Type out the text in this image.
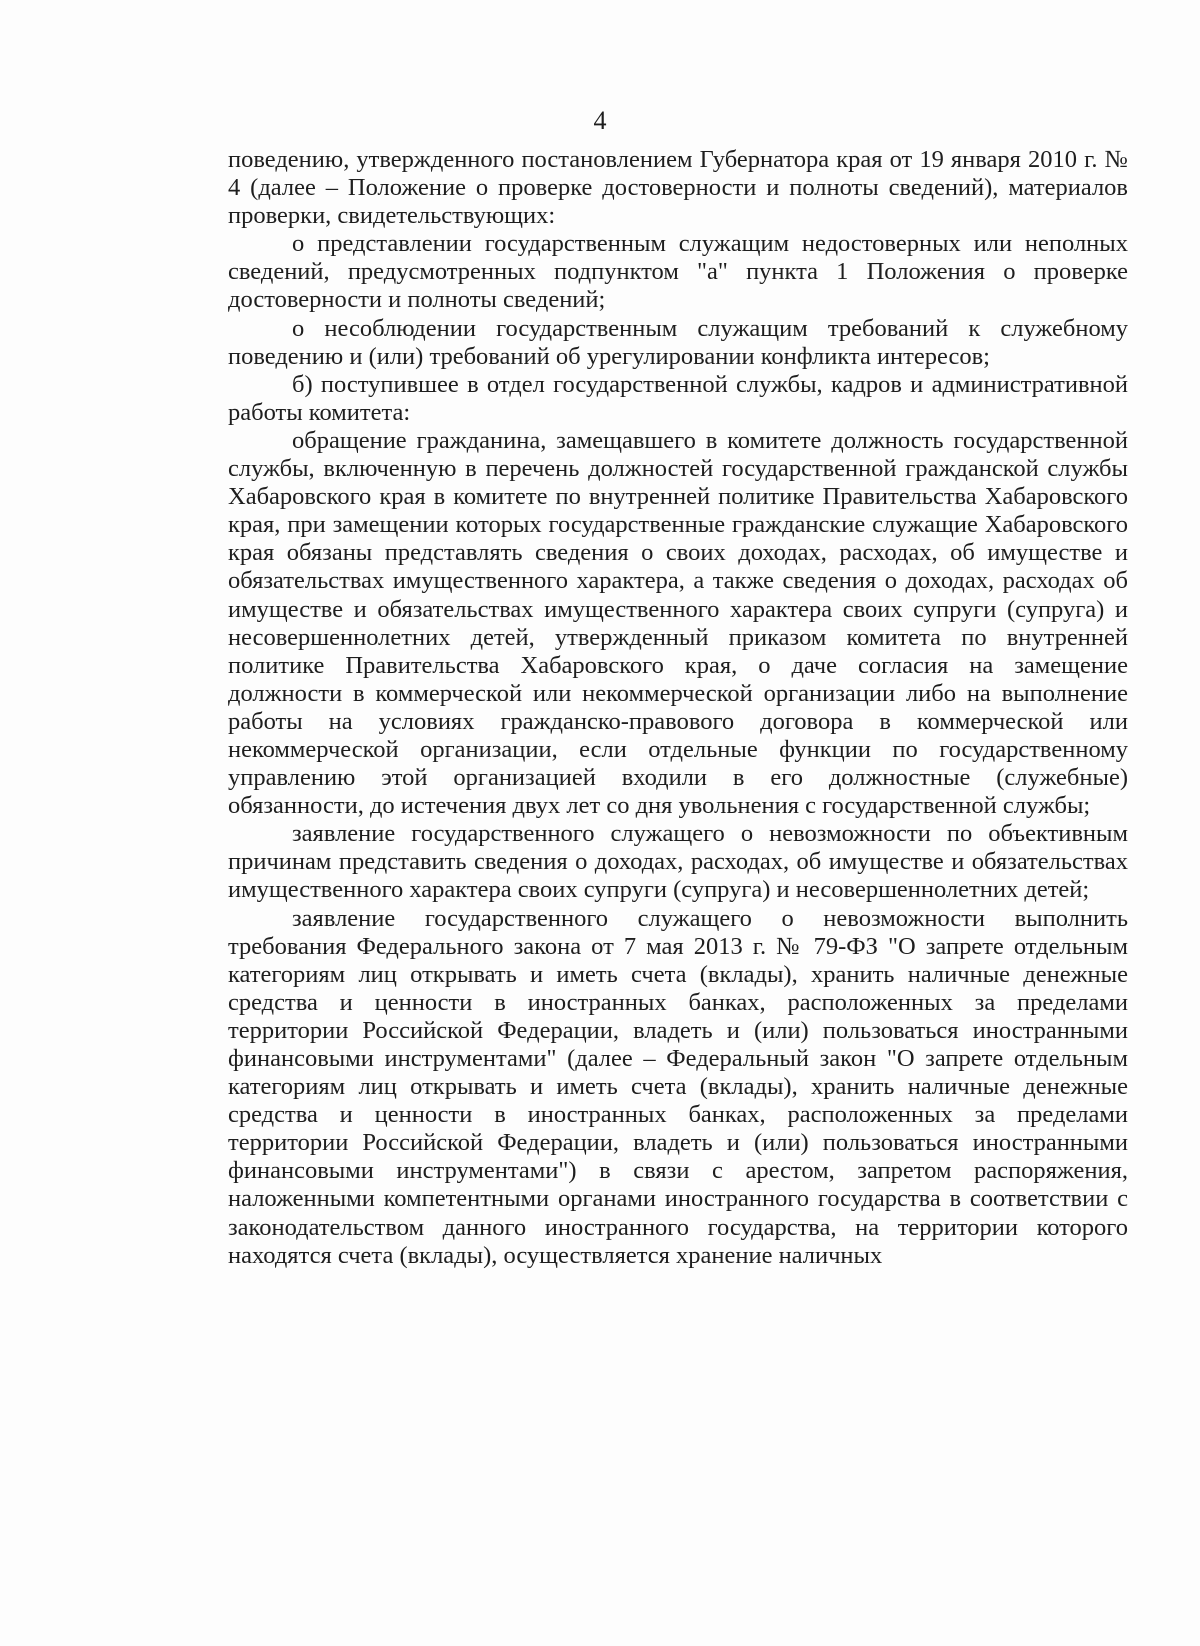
4

поведению, утвержденного постановлением Губернатора края от 19 января 2010 г. № 4 (далее – Положение о проверке достоверности и полноты сведений), материалов проверки, свидетельствующих:

о представлении государственным служащим недостоверных или неполных сведений, предусмотренных подпунктом "а" пункта 1 Положения о проверке достоверности и полноты сведений;

о несоблюдении государственным служащим требований к служебному поведению и (или) требований об урегулировании конфликта интересов;

б) поступившее в отдел государственной службы, кадров и административной работы комитета:

обращение гражданина, замещавшего в комитете должность государственной службы, включенную в перечень должностей государственной гражданской службы Хабаровского края в комитете по внутренней политике Правительства Хабаровского края, при замещении которых государственные гражданские служащие Хабаровского края обязаны представлять сведения о своих доходах, расходах, об имуществе и обязательствах имущественного характера, а также сведения о доходах, расходах об имуществе и обязательствах имущественного характера своих супруги (супруга) и несовершеннолетних детей, утвержденный приказом комитета по внутренней политике Правительства Хабаровского края, о даче согласия на замещение должности в коммерческой или некоммерческой организации либо на выполнение работы на условиях гражданско-правового договора в коммерческой или некоммерческой организации, если отдельные функции по государственному управлению этой организацией входили в его должностные (служебные) обязанности, до истечения двух лет со дня увольнения с государственной службы;

заявление государственного служащего о невозможности по объективным причинам представить сведения о доходах, расходах, об имуществе и обязательствах имущественного характера своих супруги (супруга) и несовершеннолетних детей;

заявление государственного служащего о невозможности выполнить требования Федерального закона от 7 мая 2013 г. № 79-ФЗ "О запрете отдельным категориям лиц открывать и иметь счета (вклады), хранить наличные денежные средства и ценности в иностранных банках, расположенных за пределами территории Российской Федерации, владеть и (или) пользоваться иностранными финансовыми инструментами" (далее – Федеральный закон "О запрете отдельным категориям лиц открывать и иметь счета (вклады), хранить наличные денежные средства и ценности в иностранных банках, расположенных за пределами территории Российской Федерации, владеть и (или) пользоваться иностранными финансовыми инструментами") в связи с арестом, запретом распоряжения, наложенными компетентными органами иностранного государства в соответствии с законодательством данного иностранного государства, на территории которого находятся счета (вклады), осуществляется хранение наличных
